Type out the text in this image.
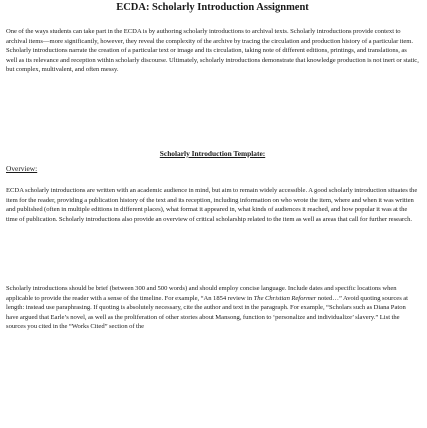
ECDA: Scholarly Introduction Assignment

One of the ways students can take part in the ECDA is by authoring scholarly introductions to archival texts. Scholarly introductions provide context to archival items—more significantly, however, they reveal the complexity of the archive by tracing the circulation and production history of a particular item. Scholarly introductions narrate the creation of a particular text or image and its circulation, taking note of different editions, printings, and translations, as well as its relevance and reception within scholarly discourse. Ultimately, scholarly introductions demonstrate that knowledge production is not inert or static, but complex, multivalent, and often messy.

Scholarly Introduction Template:
Overview:

ECDA scholarly introductions are written with an academic audience in mind, but aim to remain widely accessible. A good scholarly introduction situates the item for the reader, providing a publication history of the text and its reception, including information on who wrote the item, where and when it was written and published (often in multiple editions in different places), what format it appeared in, what kinds of audiences it reached, and how popular it was at the time of publication. Scholarly introductions also provide an overview of critical scholarship related to the item as well as areas that call for further research.

Scholarly introductions should be brief (between 300 and 500 words) and should employ concise language. Include dates and specific locations when applicable to provide the reader with a sense of the timeline. For example, “An 1854 review in The Christian Reformer noted…” Avoid quoting sources at length: instead use paraphrasing. If quoting is absolutely necessary, cite the author and text in the paragraph. For example, “Scholars such as Diana Paton have argued that Earle’s novel, as well as the proliferation of other stories about Mansong, function to ‘personalize and individualize’ slavery.” List the sources you cited in the “Works Cited” section of the
